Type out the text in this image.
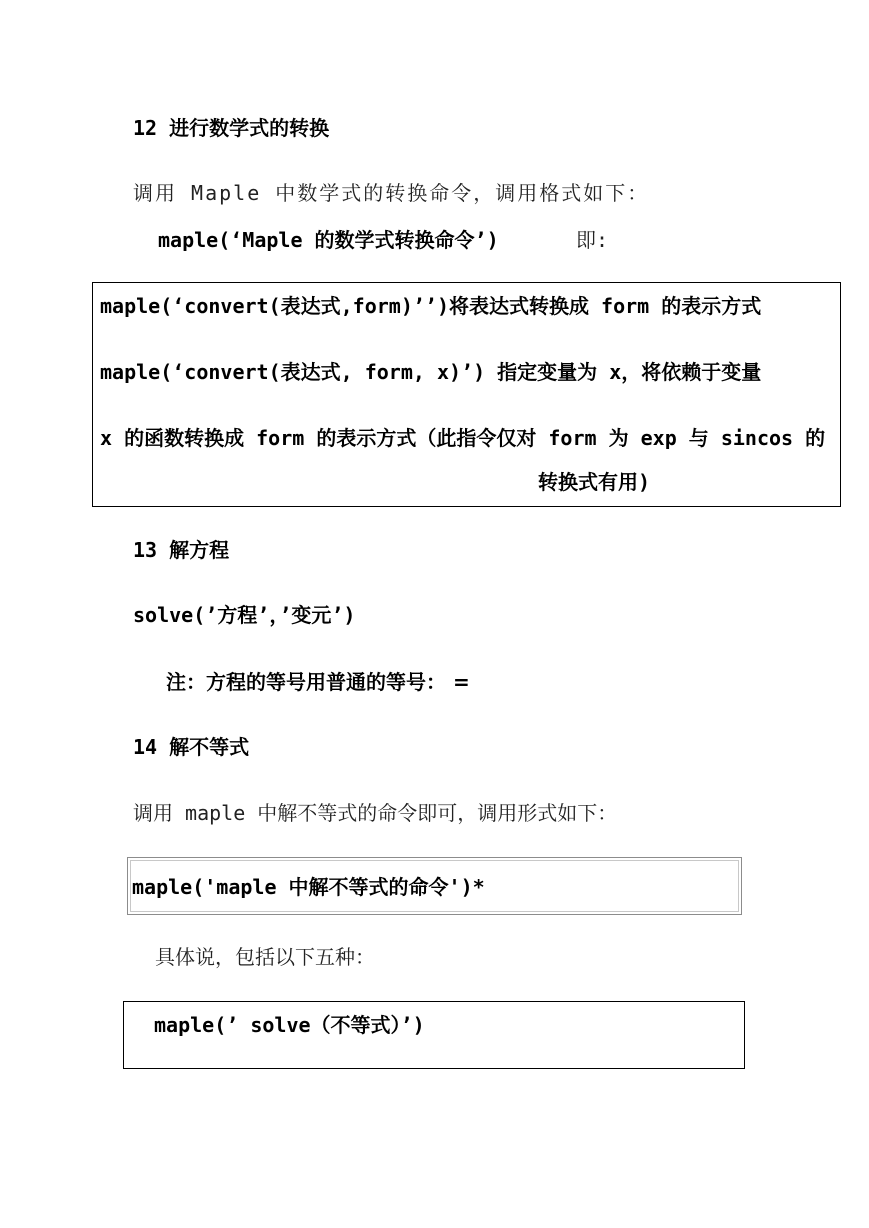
12 进行数学式的转换
调用 Maple 中数学式的转换命令，调用格式如下：
maple(‘Maple 的数学式转换命令’)	即:
maple(‘convert(表达式,form)’’)将表达式转换成 form 的表示方式
maple(‘convert(表达式, form, x)’) 指定变量为 x，将依赖于变量
x 的函数转换成 form 的表示方式（此指令仅对 form 为 exp 与 sincos 的
转换式有用)
13 解方程
solve(’方程’，’变元’)
注：方程的等号用普通的等号： =
14 解不等式
调用 maple 中解不等式的命令即可，调用形式如下：
maple('maple 中解不等式的命令')*
具体说，包括以下五种：
maple(’ solve（不等式）’)
